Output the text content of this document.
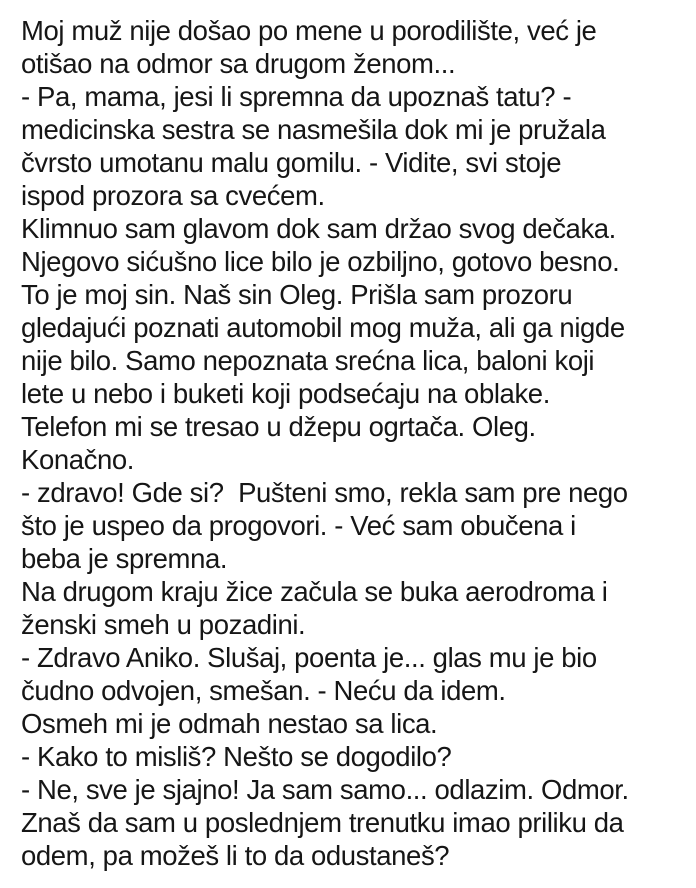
Moj muž nije došao po mene u porodilište, već je
otišao na odmor sa drugom ženom...
- Pa, mama, jesi li spremna da upoznaš tatu? -
medicinska sestra se nasmešila dok mi je pružala
čvrsto umotanu malu gomilu. - Vidite, svi stoje
ispod prozora sa cvećem.
Klimnuo sam glavom dok sam držao svog dečaka.
Njegovo sićušno lice bilo je ozbiljno, gotovo besno.
To je moj sin. Naš sin Oleg. Prišla sam prozoru
gledajući poznati automobil mog muža, ali ga nigde
nije bilo. Samo nepoznata srećna lica, baloni koji
lete u nebo i buketi koji podsećaju na oblake.
Telefon mi se tresao u džepu ogrtača. Oleg.
Konačno.
- zdravo! Gde si?  Pušteni smo, rekla sam pre nego
što je uspeo da progovori. - Već sam obučena i
beba je spremna.
Na drugom kraju žice začula se buka aerodroma i
ženski smeh u pozadini.
- Zdravo Aniko. Slušaj, poenta je... glas mu je bio
čudno odvojen, smešan. - Neću da idem.
Osmeh mi je odmah nestao sa lica.
- Kako to misliš? Nešto se dogodilo?
- Ne, sve je sjajno! Ja sam samo... odlazim. Odmor.
Znaš da sam u poslednjem trenutku imao priliku da
odem, pa možeš li to da odustaneš?
